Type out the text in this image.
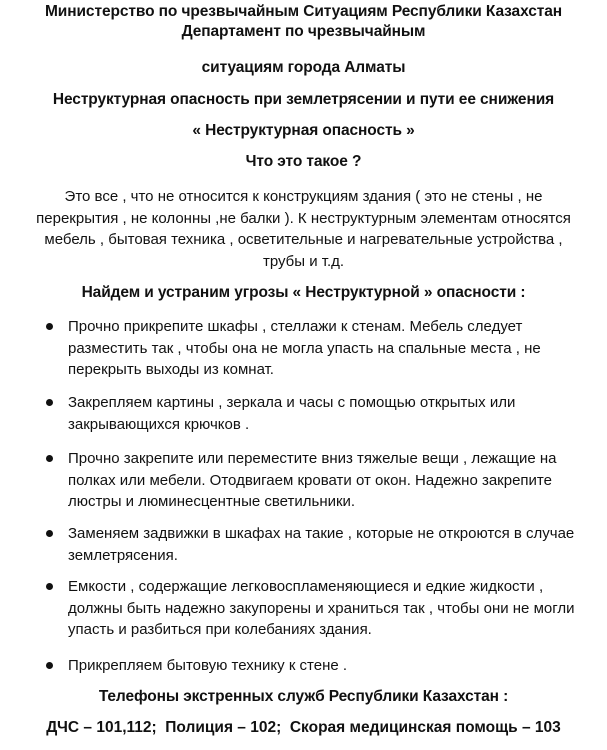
Министерство по чрезвычайным Ситуациям Республики Казахстан Департамент по чрезвычайным
ситуациям города Алматы
Неструктурная опасность при землетрясении и пути ее снижения
« Неструктурная опасность »
Что это такое ?
Это все , что не относится к конструкциям здания ( это не стены , не перекрытия , не колонны ,не балки ). К неструктурным элементам относятся мебель , бытовая техника , осветительные и нагревательные устройства , трубы и т.д.
Найдем и устраним угрозы « Неструктурной » опасности :
Прочно прикрепите шкафы , стеллажи к стенам. Мебель следует разместить так , чтобы она не могла упасть на спальные места , не перекрыть выходы из комнат.
Закрепляем картины , зеркала и часы с помощью открытых или закрывающихся крючков .
Прочно закрепите или переместите вниз тяжелые вещи , лежащие на полках или мебели. Отодвигаем кровати от окон. Надежно закрепите люстры и люминесцентные светильники.
Заменяем задвижки в шкафах на такие , которые не откроются в случае землетрясения.
Емкости , содержащие легковоспламеняющиеся и едкие жидкости , должны быть надежно закупорены и храниться так , чтобы они не могли упасть и разбиться при колебаниях здания.
Прикрепляем бытовую технику к стене .
Телефоны экстренных служб Республики Казахстан :
ДЧС – 101,112;  Полиция – 102;  Скорая медицинская помощь – 103
